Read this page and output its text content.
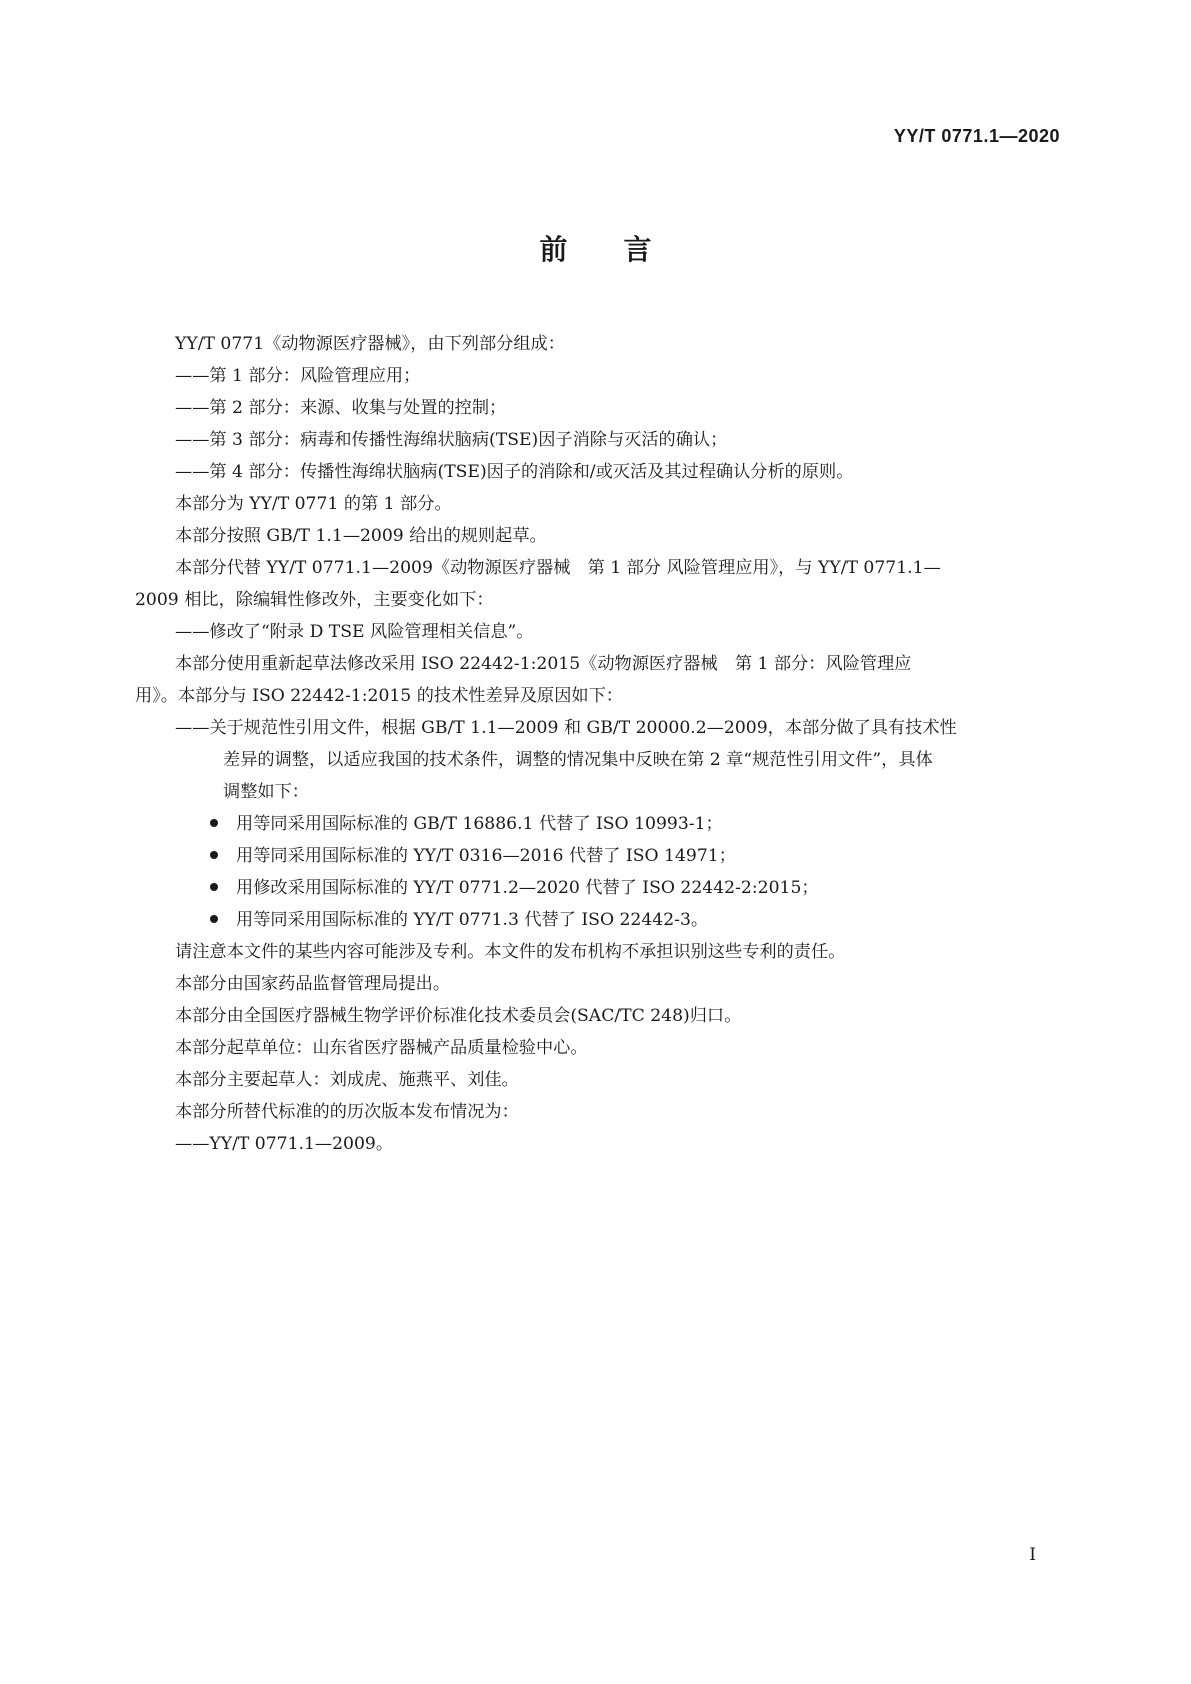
YY/T 0771.1—2020
前言
YY/T 0771《动物源医疗器械》，由下列部分组成：
——第 1 部分：风险管理应用；
——第 2 部分：来源、收集与处置的控制；
——第 3 部分：病毒和传播性海绵状脑病(TSE)因子消除与灭活的确认；
——第 4 部分：传播性海绵状脑病(TSE)因子的消除和/或灭活及其过程确认分析的原则。
本部分为 YY/T 0771 的第 1 部分。
本部分按照 GB/T 1.1—2009 给出的规则起草。
本部分代替 YY/T 0771.1—2009《动物源医疗器械　第 1 部分 风险管理应用》，与 YY/T 0771.1—
2009 相比，除编辑性修改外，主要变化如下：
——修改了“附录 D TSE 风险管理相关信息”。
本部分使用重新起草法修改采用 ISO 22442-1:2015《动物源医疗器械　第 1 部分：风险管理应
用》。本部分与 ISO 22442-1:2015 的技术性差异及原因如下：
——关于规范性引用文件，根据 GB/T 1.1—2009 和 GB/T 20000.2—2009，本部分做了具有技术性
差异的调整，以适应我国的技术条件，调整的情况集中反映在第 2 章“规范性引用文件”，具体
调整如下：
用等同采用国际标准的 GB/T 16886.1 代替了 ISO 10993-1；
用等同采用国际标准的 YY/T 0316—2016 代替了 ISO 14971；
用修改采用国际标准的 YY/T 0771.2—2020 代替了 ISO 22442-2:2015；
用等同采用国际标准的 YY/T 0771.3 代替了 ISO 22442-3。
请注意本文件的某些内容可能涉及专利。本文件的发布机构不承担识别这些专利的责任。
本部分由国家药品监督管理局提出。
本部分由全国医疗器械生物学评价标准化技术委员会(SAC/TC 248)归口。
本部分起草单位：山东省医疗器械产品质量检验中心。
本部分主要起草人：刘成虎、施燕平、刘佳。
本部分所替代标准的的历次版本发布情况为：
——YY/T 0771.1—2009。
I
